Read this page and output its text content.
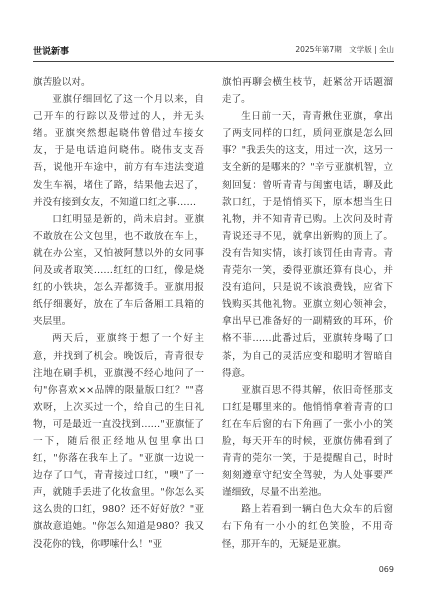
世说新事	2025年第7期　文学版 | 全山

旗苦脸以对。

亚旗仔细回忆了这一个月以来，自己开车的行踪以及带过的人，并无头绪。亚旗突然想起晓伟曾借过车接女友，于是电话追问晓伟。晓伟支支吾吾，说他开车途中，前方有车违法变道发生车祸，堵住了路，结果他去迟了，并没有接到女友，不知道口红之事……

口红明显是新的，尚未启封。亚旗不敢放在公文包里，也不敢放在车上，就在办公室，又怕被阿慧以外的女同事问及或者取笑……红红的口红，像是烧红的小铁块，怎么弄都烫手。亚旗用报纸仔细裹好，放在了车后备厢工具箱的夹层里。

两天后，亚旗终于想了一个好主意，并找到了机会。晚饭后，青青很专注地在刷手机，亚旗漫不经心地问了一句"你喜欢××品牌的限量版口红？""喜欢呀，上次买过一个，给自己的生日礼物，可是最近一直没找到……"亚旗怔了一下，随后很正经地从包里拿出口红，"你落在我车上了。"亚旗一边说一边存了口气，青青接过口红，"噢"了一声，就随手丢进了化妆盒里。"你怎么买这么贵的口红，980？还不好好放？"亚旗故意追她。"你怎么知道是980？我又没花你的钱，你啰嗦什么！"亚

旗怕再聊会横生枝节，赶紧岔开话题溜走了。

生日前一天，青青揪住亚旗，拿出了两支同样的口红，质问亚旗是怎么回事？"我丢失的这支，用过一次，这另一支全新的是哪来的？"辛亏亚旗机智，立刻回复：曾听青青与闺蜜电话，聊及此款口红，于是悄悄买下，原本想当生日礼物，并不知青青已购。上次问及时青青说还寻不见，就拿出新购的顶上了。没有告知实情，该打该罚任由青青。青青莞尔一笑，委得亚旗还算有良心，并没有追问，只是说不该浪费钱，应省下钱购买其他礼物。亚旗立刻心领神会，拿出早已准备好的一副精致的耳环，价格不菲……此番过后，亚旗转身喝了口茶，为自己的灵活应变和聪明才智暗自得意。

亚旗百思不得其解，依旧奇怪那支口红是哪里来的。他悄悄拿着青青的口红在车后窗的右下角画了一张小小的笑脸，每天开车的时候，亚旗仿佛看到了青青的莞尔一笑，于是提醒自己，时时刻刻遵章守纪安全驾驶，为人处事要严谨细致，尽量不出差池。

路上若看到一辆白色大众车的后窗右下角有一小小的红色笑脸，不用奇怪，那开车的，无疑是亚旗。

069
